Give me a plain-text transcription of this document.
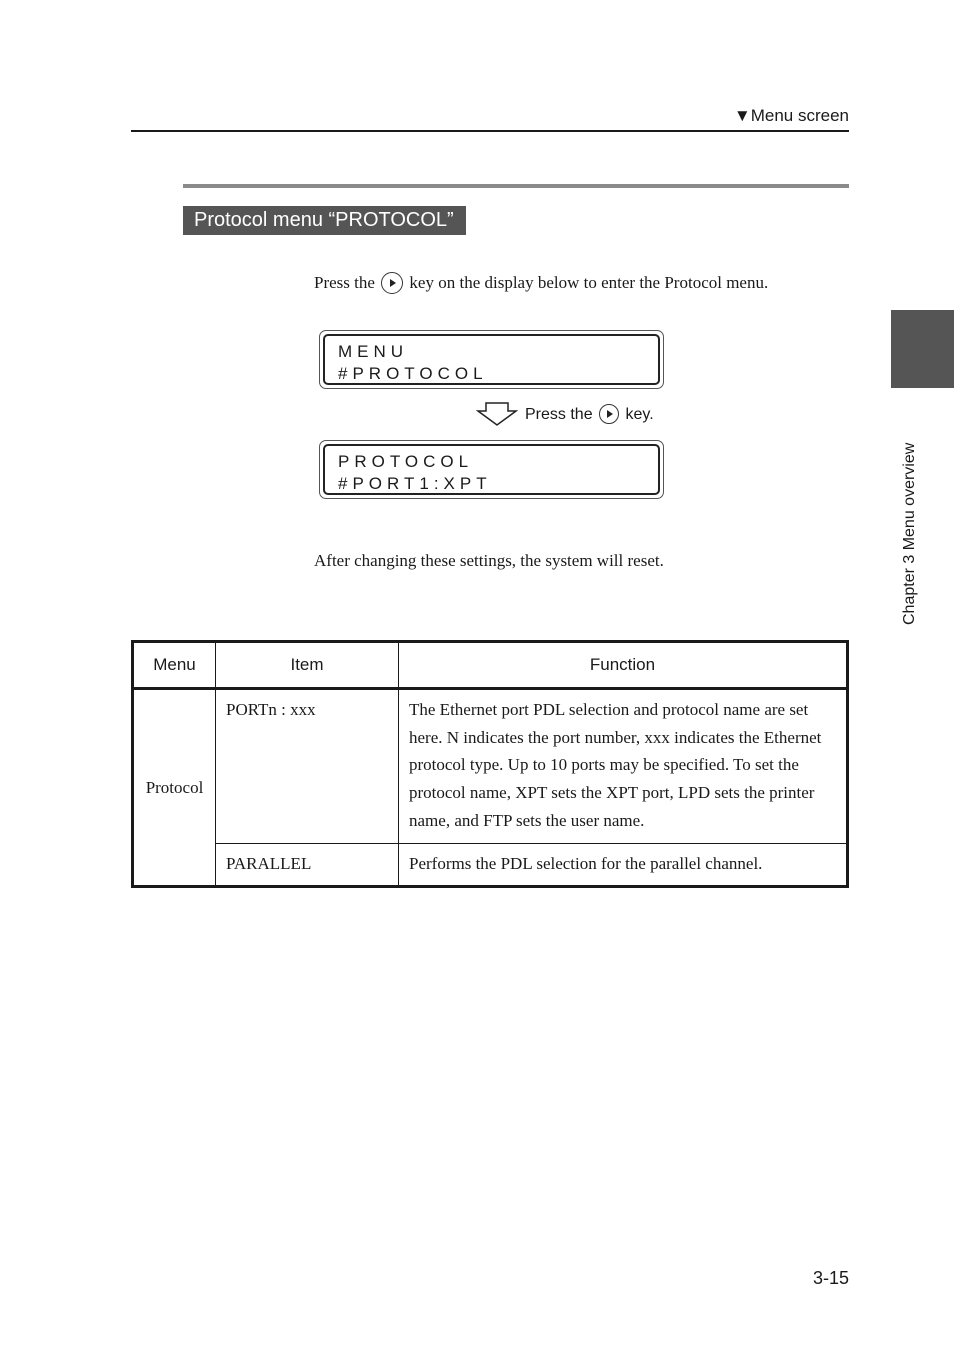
▼Menu screen
Protocol menu “PROTOCOL”
Press the key on the display below to enter the Protocol menu.
MENU
#PROTOCOL
Press the key.
PROTOCOL
#PORT1:XPT
After changing these settings, the system will reset.	Chapter 3 Menu overview
Menu	Item	Function
Protocol	PORTn : xxx	The Ethernet port PDL selection and protocol name are set here. N indicates the port number, xxx indicates the Ethernet protocol type. Up to 10 ports may be specified. To set the protocol name, XPT sets the XPT port, LPD sets the printer name, and FTP sets the user name.
	PARALLEL	Performs the PDL selection for the parallel channel.
3-15
